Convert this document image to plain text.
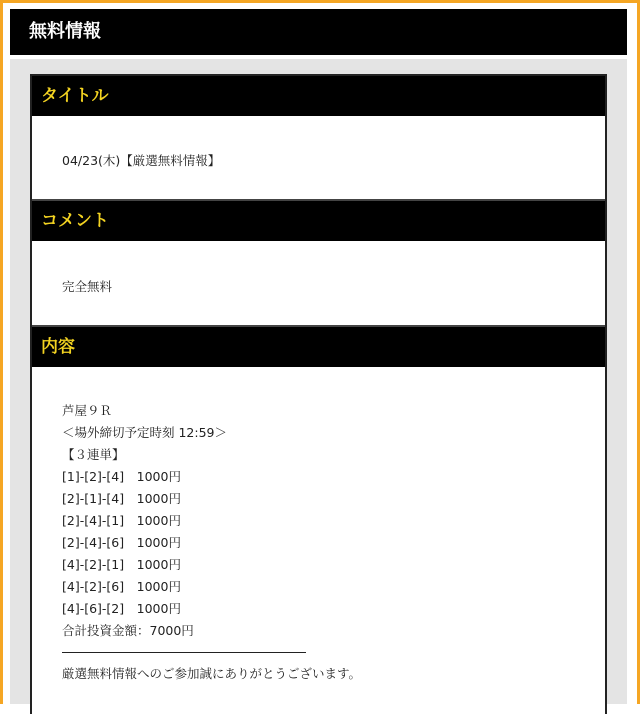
無料情報
タイトル
04/23(木)【厳選無料情報】
コメント
完全無料
内容
芦屋９Ｒ
＜場外締切予定時刻 12:59＞
【３連単】
[1]-[2]-[4]　1000円
[2]-[1]-[4]　1000円
[2]-[4]-[1]　1000円
[2]-[4]-[6]　1000円
[4]-[2]-[1]　1000円
[4]-[2]-[6]　1000円
[4]-[6]-[2]　1000円
合計投資金額：7000円
厳選無料情報へのご参加誠にありがとうございます。
